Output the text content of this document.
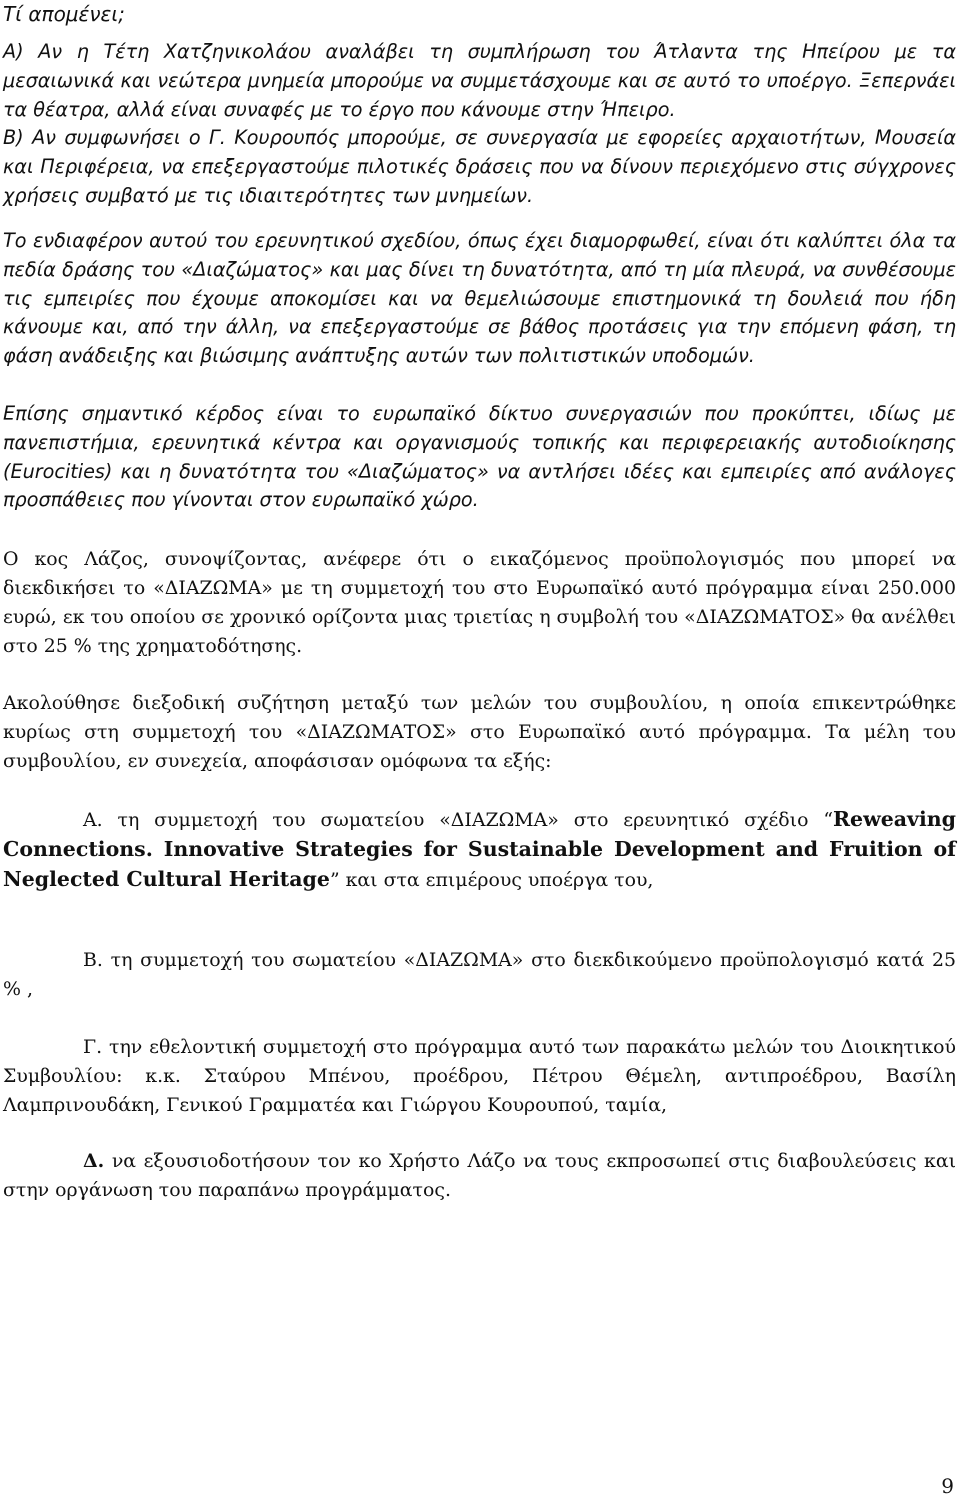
Τί απομένει;

Α) Αν η Τέτη Χατζηνικολάου αναλάβει τη συμπλήρωση του Άτλαντα της Ηπείρου με τα μεσαιωνικά και νεώτερα μνημεία μπορούμε να συμμετάσχουμε και σε αυτό το υποέργο. Ξεπερνάει τα θέατρα, αλλά είναι συναφές με το έργο που κάνουμε στην Ήπειρο.
Β) Αν συμφωνήσει ο Γ. Κουρουπός μπορούμε, σε συνεργασία με εφορείες αρχαιοτήτων, Μουσεία και Περιφέρεια, να επεξεργαστούμε πιλοτικές δράσεις που να δίνουν περιεχόμενο στις σύγχρονες χρήσεις συμβατό με τις ιδιαιτερότητες των μνημείων.

Το ενδιαφέρον αυτού του ερευνητικού σχεδίου, όπως έχει διαμορφωθεί, είναι ότι καλύπτει όλα τα πεδία δράσης του «Διαζώματος» και μας δίνει τη δυνατότητα, από τη μία πλευρά, να συνθέσουμε τις εμπειρίες που έχουμε αποκομίσει και να θεμελιώσουμε επιστημονικά τη δουλειά που ήδη κάνουμε και, από την άλλη, να επεξεργαστούμε σε βάθος προτάσεις για την επόμενη φάση, τη φάση ανάδειξης και βιώσιμης ανάπτυξης αυτών των πολιτιστικών υποδομών.

Επίσης σημαντικό κέρδος είναι το ευρωπαϊκό δίκτυο συνεργασιών που προκύπτει, ιδίως με πανεπιστήμια, ερευνητικά κέντρα και οργανισμούς τοπικής και περιφερειακής αυτοδιοίκησης (Eurocities) και η δυνατότητα του «Διαζώματος» να αντλήσει ιδέες και εμπειρίες από ανάλογες προσπάθειες που γίνονται στον ευρωπαϊκό χώρο.

Ο κος Λάζος, συνοψίζοντας, ανέφερε ότι ο εικαζόμενος προϋπολογισμός που μπορεί να διεκδικήσει το «ΔΙΑΖΩΜΑ» με τη συμμετοχή του στο Ευρωπαϊκό αυτό πρόγραμμα είναι 250.000 ευρώ, εκ του οποίου σε χρονικό ορίζοντα μιας τριετίας η συμβολή του «ΔΙΑΖΩΜΑΤΟΣ» θα ανέλθει στο 25 % της χρηματοδότησης.

Ακολούθησε διεξοδική συζήτηση μεταξύ των μελών του συμβουλίου, η οποία επικεντρώθηκε κυρίως στη συμμετοχή του «ΔΙΑΖΩΜΑΤΟΣ» στο Ευρωπαϊκό αυτό πρόγραμμα. Τα μέλη του συμβουλίου, εν συνεχεία, αποφάσισαν ομόφωνα τα εξής:

Α. τη συμμετοχή του σωματείου «ΔΙΑΖΩΜΑ» στο ερευνητικό σχέδιο “Reweaving Connections. Innovative Strategies for Sustainable Development and Fruition of Neglected Cultural Heritage” και στα επιμέρους υποέργα του,

Β. τη συμμετοχή του σωματείου «ΔΙΑΖΩΜΑ» στο διεκδικούμενο προϋπολογισμό κατά 25 % ,

Γ. την εθελοντική συμμετοχή στο πρόγραμμα αυτό των παρακάτω μελών του Διοικητικού Συμβουλίου: κ.κ. Σταύρου Μπένου, προέδρου, Πέτρου Θέμελη, αντιπροέδρου, Βασίλη Λαμπρινουδάκη, Γενικού Γραμματέα και Γιώργου Κουρουπού, ταμία,

Δ. να εξουσιοδοτήσουν τον κο Χρήστο Λάζο να τους εκπροσωπεί στις διαβουλεύσεις και στην οργάνωση του παραπάνω προγράμματος.

9
